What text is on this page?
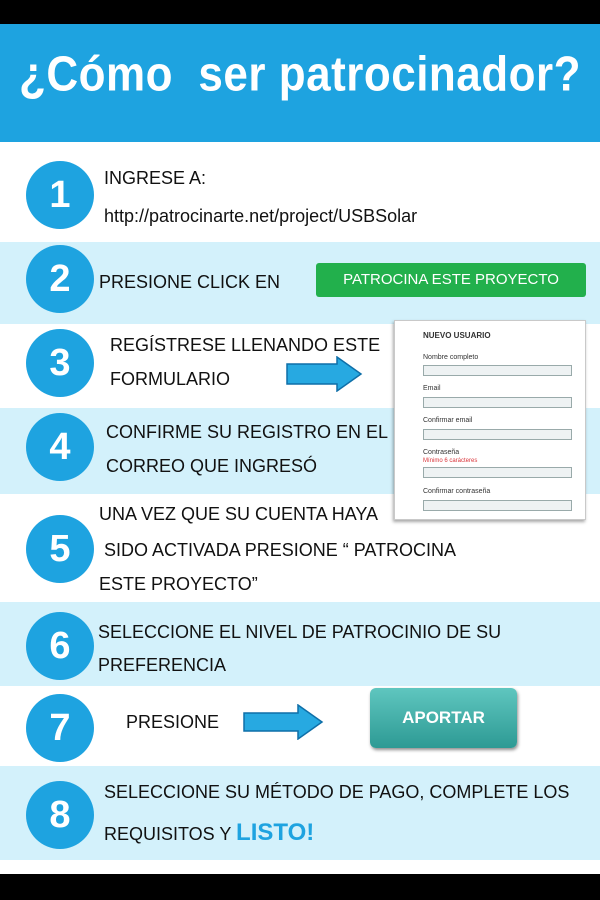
¿Cómo  ser patrocinador?
1	INGRESE A:
http://patrocinarte.net/project/USBSolar
2	PRESIONE CLICK EN	PATROCINA ESTE PROYECTO
3	REGÍSTRESE LLENANDO ESTE
FORMULARIO
NUEVO USUARIO
Nombre completo
Email
Confirmar email
Contraseña
Mínimo 6 carácteres
Confirmar contraseña
4	CONFIRME SU REGISTRO EN EL
CORREO QUE INGRESÓ
5
UNA VEZ QUE SU CUENTA HAYA
SIDO ACTIVADA PRESIONE “ PATROCINA
ESTE PROYECTO”
6	SELECCIONE EL NIVEL DE PATROCINIO DE SU
PREFERENCIA
7	PRESIONE	APORTAR
8
SELECCIONE SU MÉTODO DE PAGO, COMPLETE LOS
REQUISITOS Y LISTO!
